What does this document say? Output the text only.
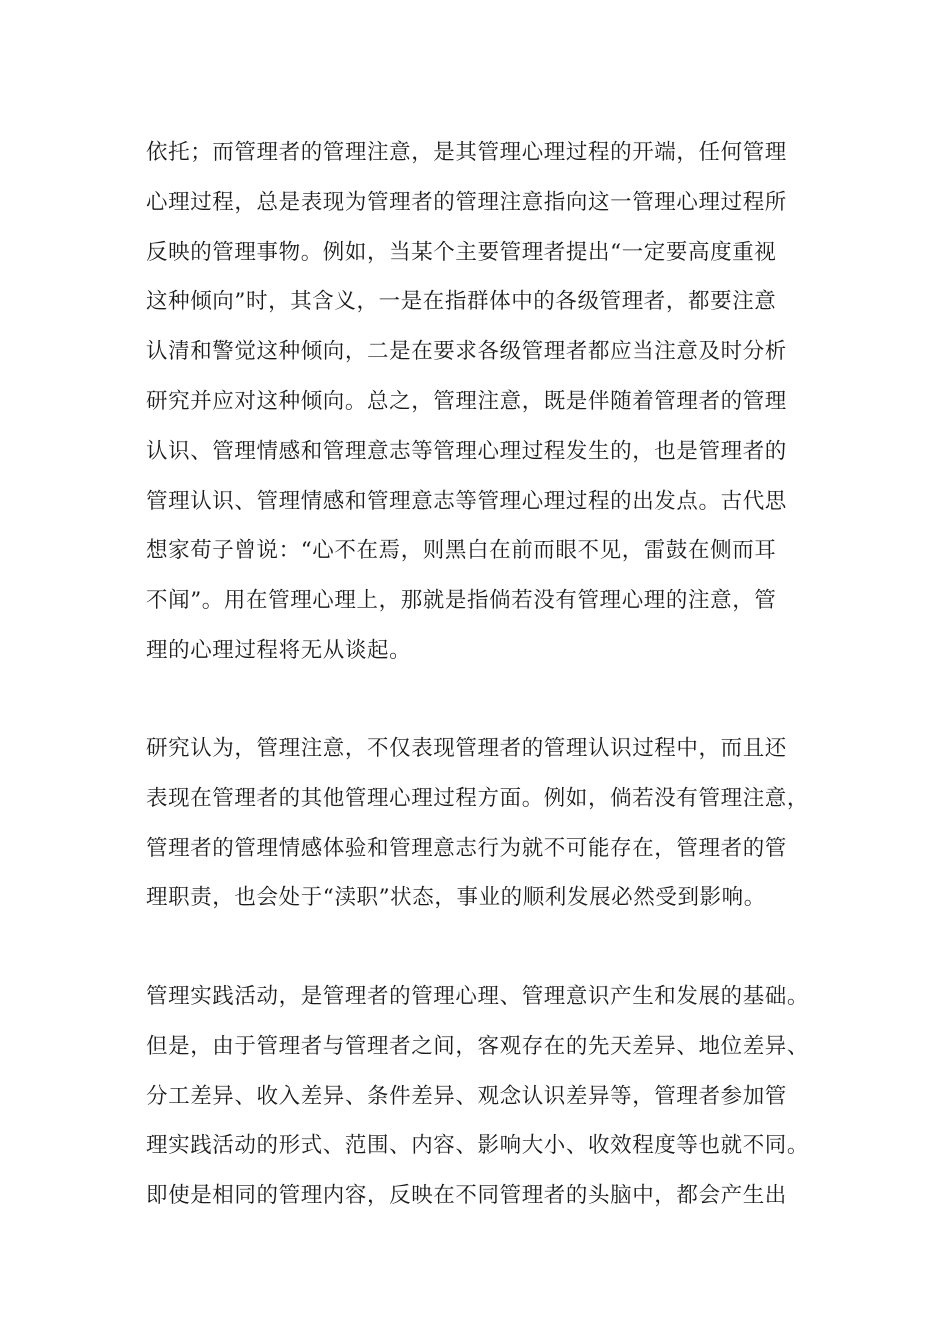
依托；而管理者的管理注意，是其管理心理过程的开端，任何管理
心理过程，总是表现为管理者的管理注意指向这一管理心理过程所
反映的管理事物。例如，当某个主要管理者提出“一定要高度重视
这种倾向”时，其含义，一是在指群体中的各级管理者，都要注意
认清和警觉这种倾向，二是在要求各级管理者都应当注意及时分析
研究并应对这种倾向。总之，管理注意，既是伴随着管理者的管理
认识、管理情感和管理意志等管理心理过程发生的，也是管理者的
管理认识、管理情感和管理意志等管理心理过程的出发点。古代思
想家荀子曾说：“心不在焉，则黑白在前而眼不见，雷鼓在侧而耳
不闻”。用在管理心理上，那就是指倘若没有管理心理的注意，管
理的心理过程将无从谈起。
研究认为，管理注意，不仅表现管理者的管理认识过程中，而且还
表现在管理者的其他管理心理过程方面。例如，倘若没有管理注意，
管理者的管理情感体验和管理意志行为就不可能存在，管理者的管
理职责，也会处于“渎职”状态，事业的顺利发展必然受到影响。
管理实践活动，是管理者的管理心理、管理意识产生和发展的基础。
但是，由于管理者与管理者之间，客观存在的先天差异、地位差异、
分工差异、收入差异、条件差异、观念认识差异等，管理者参加管
理实践活动的形式、范围、内容、影响大小、收效程度等也就不同。
即使是相同的管理内容，反映在不同管理者的头脑中，都会产生出
